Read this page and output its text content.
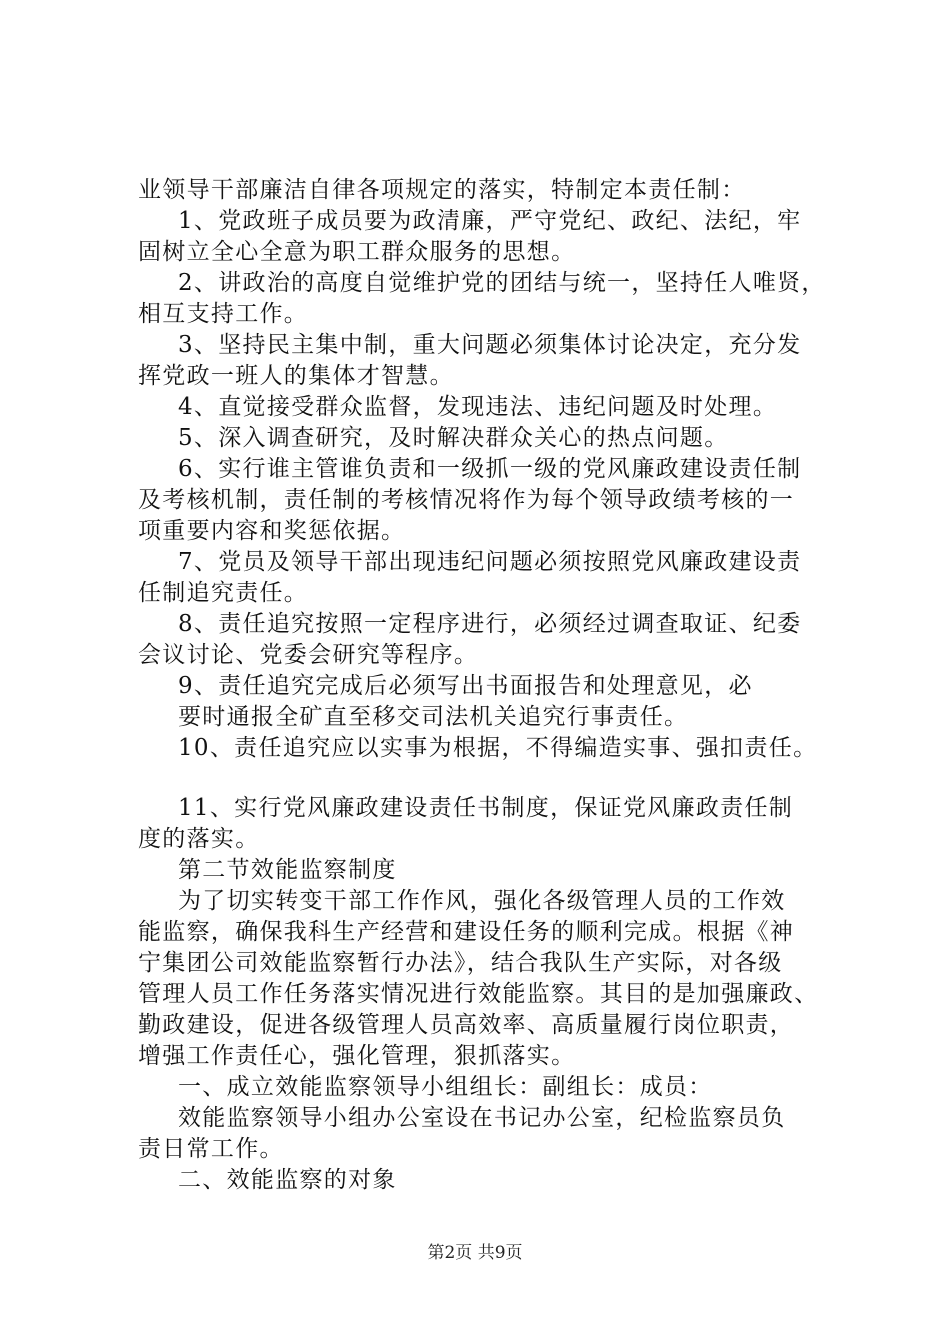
业领导干部廉洁自律各项规定的落实，特制定本责任制：
1、党政班子成员要为政清廉，严守党纪、政纪、法纪，牢
固树立全心全意为职工群众服务的思想。
2、讲政治的高度自觉维护党的团结与统一，坚持任人唯贤，
相互支持工作。
3、坚持民主集中制，重大问题必须集体讨论决定，充分发
挥党政一班人的集体才智慧。
4、直觉接受群众监督，发现违法、违纪问题及时处理。
5、深入调查研究，及时解决群众关心的热点问题。
6、实行谁主管谁负责和一级抓一级的党风廉政建设责任制
及考核机制，责任制的考核情况将作为每个领导政绩考核的一
项重要内容和奖惩依据。
7、党员及领导干部出现违纪问题必须按照党风廉政建设责
任制追究责任。
8、责任追究按照一定程序进行，必须经过调查取证、纪委
会议讨论、党委会研究等程序。
9、责任追究完成后必须写出书面报告和处理意见，必
要时通报全矿直至移交司法机关追究行事责任。
10、责任追究应以实事为根据，不得编造实事、强扣责任。
11、实行党风廉政建设责任书制度，保证党风廉政责任制
度的落实。
第二节效能监察制度
为了切实转变干部工作作风，强化各级管理人员的工作效
能监察，确保我科生产经营和建设任务的顺利完成。根据《神
宁集团公司效能监察暂行办法》，结合我队生产实际，对各级
管理人员工作任务落实情况进行效能监察。其目的是加强廉政、
勤政建设，促进各级管理人员高效率、高质量履行岗位职责，
增强工作责任心，强化管理，狠抓落实。
一、成立效能监察领导小组组长：副组长：成员：
效能监察领导小组办公室设在书记办公室，纪检监察员负
责日常工作。
二、效能监察的对象
第2页 共9页
